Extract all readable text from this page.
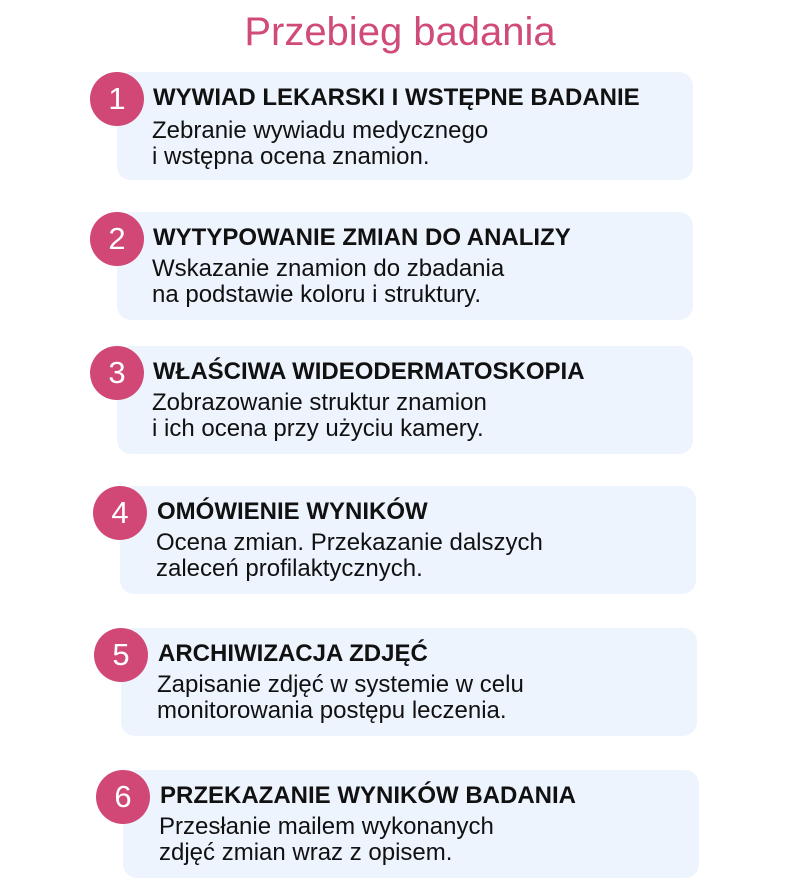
Przebieg badania
1	WYWIAD LEKARSKI I WSTĘPNE BADANIE
Zebranie wywiadu medycznego
i wstępna ocena znamion.
2	WYTYPOWANIE ZMIAN DO ANALIZY
Wskazanie znamion do zbadania
na podstawie koloru i struktury.
3	WŁAŚCIWA WIDEODERMATOSKOPIA
Zobrazowanie struktur znamion
i ich ocena przy użyciu kamery.
4	OMÓWIENIE WYNIKÓW
Ocena zmian. Przekazanie dalszych
zaleceń profilaktycznych.
5	ARCHIWIZACJA ZDJĘĆ
Zapisanie zdjęć w systemie w celu
monitorowania postępu leczenia.
6	PRZEKAZANIE WYNIKÓW BADANIA
Przesłanie mailem wykonanych
zdjęć zmian wraz z opisem.
